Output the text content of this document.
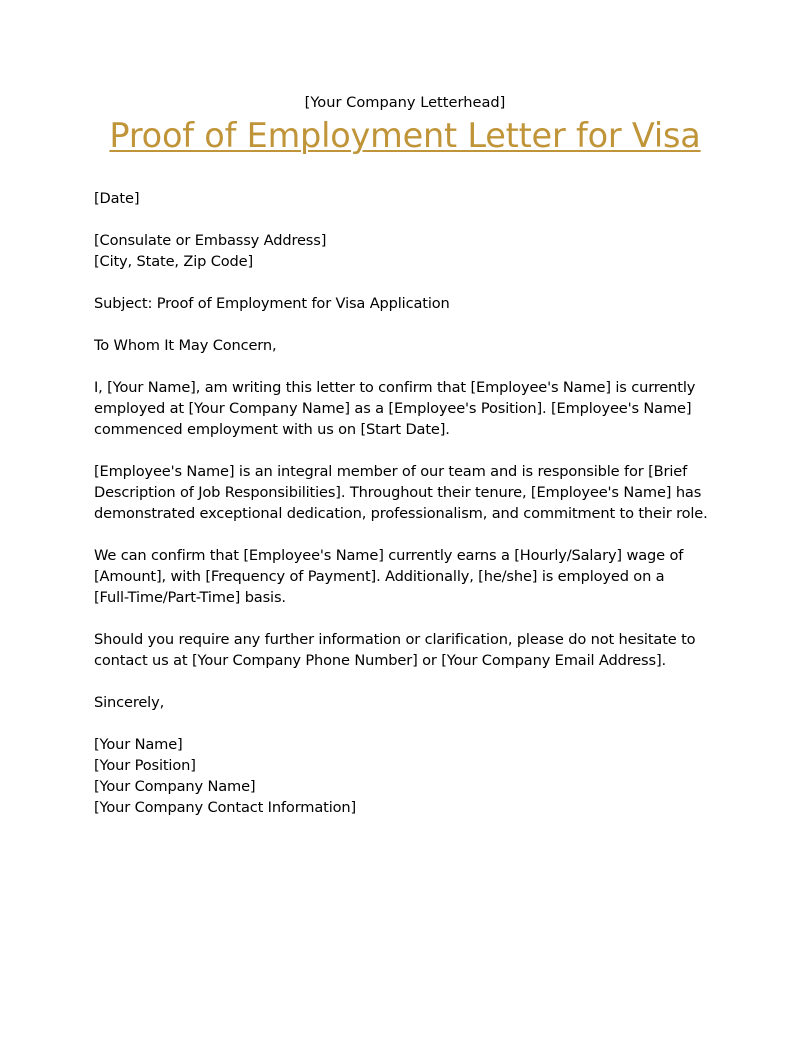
[Your Company Letterhead]
Proof of Employment Letter for Visa

[Date]

[Consulate or Embassy Address]
[City, State, Zip Code]

Subject: Proof of Employment for Visa Application

To Whom It May Concern,

I, [Your Name], am writing this letter to confirm that [Employee's Name] is currently
employed at [Your Company Name] as a [Employee's Position]. [Employee's Name]
commenced employment with us on [Start Date].

[Employee's Name] is an integral member of our team and is responsible for [Brief
Description of Job Responsibilities]. Throughout their tenure, [Employee's Name] has
demonstrated exceptional dedication, professionalism, and commitment to their role.

We can confirm that [Employee's Name] currently earns a [Hourly/Salary] wage of
[Amount], with [Frequency of Payment]. Additionally, [he/she] is employed on a
[Full-Time/Part-Time] basis.

Should you require any further information or clarification, please do not hesitate to
contact us at [Your Company Phone Number] or [Your Company Email Address].

Sincerely,

[Your Name]

[Your Position]

[Your Company Name]

[Your Company Contact Information]
